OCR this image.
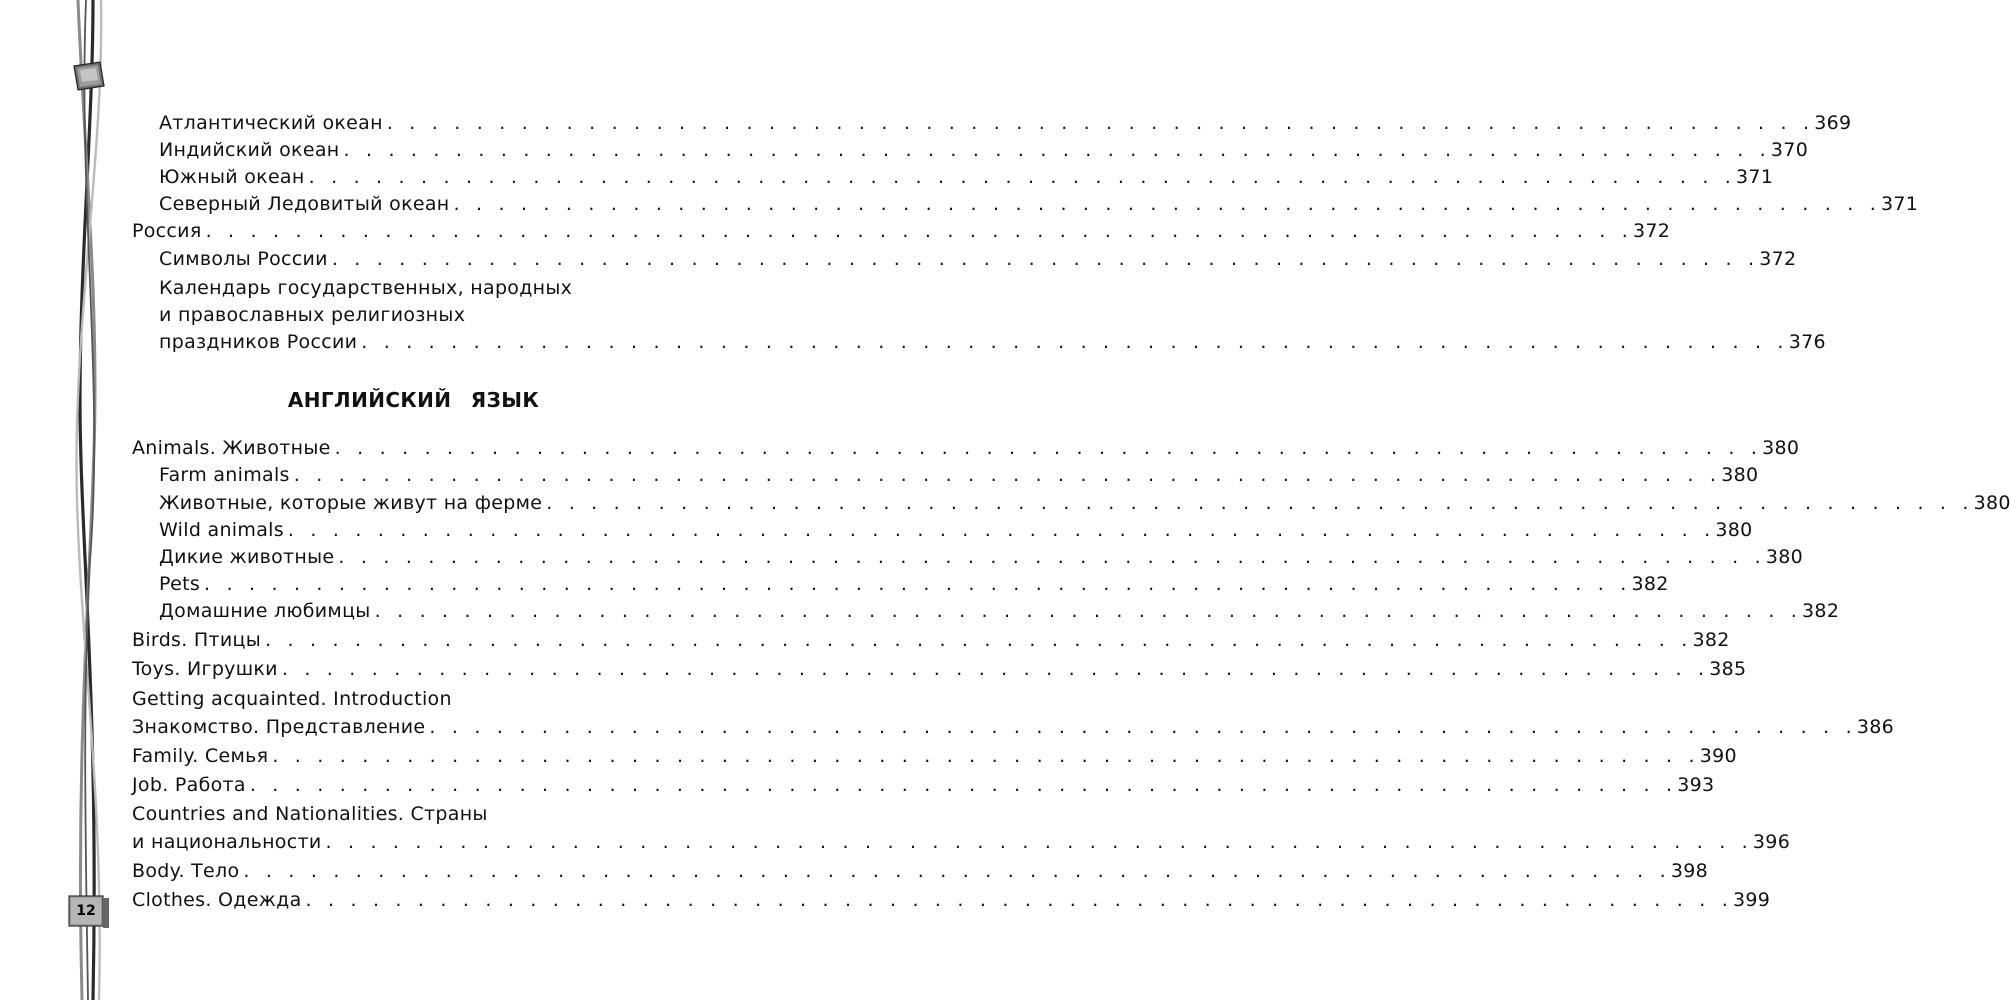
12
Атлантический океан . . . . . . . . . . . . . . . . . . . . . . . . . . . . . . . . . . . . . . . . . . . . . . . . . . . . . . . . . . . . . . . . 369
Индийский океан . . . . . . . . . . . . . . . . . . . . . . . . . . . . . . . . . . . . . . . . . . . . . . . . . . . . . . . . . . . . . . . . 370
Южный океан . . . . . . . . . . . . . . . . . . . . . . . . . . . . . . . . . . . . . . . . . . . . . . . . . . . . . . . . . . . . . . . . 371
Северный Ледовитый океан . . . . . . . . . . . . . . . . . . . . . . . . . . . . . . . . . . . . . . . . . . . . . . . . . . . . . . . . . . . . . . . . 371
Россия . . . . . . . . . . . . . . . . . . . . . . . . . . . . . . . . . . . . . . . . . . . . . . . . . . . . . . . . . . . . . . . . 372
Символы России . . . . . . . . . . . . . . . . . . . . . . . . . . . . . . . . . . . . . . . . . . . . . . . . . . . . . . . . . . . . . . . . 372
Календарь государственных, народных
и православных религиозных
праздников России . . . . . . . . . . . . . . . . . . . . . . . . . . . . . . . . . . . . . . . . . . . . . . . . . . . . . . . . . . . . . . . . 376
АНГЛИЙСКИЙ ЯЗЫК
Animals. Животные . . . . . . . . . . . . . . . . . . . . . . . . . . . . . . . . . . . . . . . . . . . . . . . . . . . . . . . . . . . . . . . . 380
Farm animals . . . . . . . . . . . . . . . . . . . . . . . . . . . . . . . . . . . . . . . . . . . . . . . . . . . . . . . . . . . . . . . . 380
Животные, которые живут на ферме . . . . . . . . . . . . . . . . . . . . . . . . . . . . . . . . . . . . . . . . . . . . . . . . . . . . . . . . . . . . . . . . 380
Wild animals . . . . . . . . . . . . . . . . . . . . . . . . . . . . . . . . . . . . . . . . . . . . . . . . . . . . . . . . . . . . . . . . 380
Дикие животные . . . . . . . . . . . . . . . . . . . . . . . . . . . . . . . . . . . . . . . . . . . . . . . . . . . . . . . . . . . . . . . . 380
Pets . . . . . . . . . . . . . . . . . . . . . . . . . . . . . . . . . . . . . . . . . . . . . . . . . . . . . . . . . . . . . . . . 382
Домашние любимцы . . . . . . . . . . . . . . . . . . . . . . . . . . . . . . . . . . . . . . . . . . . . . . . . . . . . . . . . . . . . . . . . 382
Birds. Птицы . . . . . . . . . . . . . . . . . . . . . . . . . . . . . . . . . . . . . . . . . . . . . . . . . . . . . . . . . . . . . . . . 382
Toys. Игрушки . . . . . . . . . . . . . . . . . . . . . . . . . . . . . . . . . . . . . . . . . . . . . . . . . . . . . . . . . . . . . . . . 385
Getting acquainted. Introduction
Знакомство. Представление . . . . . . . . . . . . . . . . . . . . . . . . . . . . . . . . . . . . . . . . . . . . . . . . . . . . . . . . . . . . . . . . 386
Family. Семья . . . . . . . . . . . . . . . . . . . . . . . . . . . . . . . . . . . . . . . . . . . . . . . . . . . . . . . . . . . . . . . . 390
Job. Работа . . . . . . . . . . . . . . . . . . . . . . . . . . . . . . . . . . . . . . . . . . . . . . . . . . . . . . . . . . . . . . . . 393
Countries and Nationalities. Страны
и национальности . . . . . . . . . . . . . . . . . . . . . . . . . . . . . . . . . . . . . . . . . . . . . . . . . . . . . . . . . . . . . . . . 396
Body. Тело . . . . . . . . . . . . . . . . . . . . . . . . . . . . . . . . . . . . . . . . . . . . . . . . . . . . . . . . . . . . . . . . 398
Clothes. Одежда . . . . . . . . . . . . . . . . . . . . . . . . . . . . . . . . . . . . . . . . . . . . . . . . . . . . . . . . . . . . . . . . 399
